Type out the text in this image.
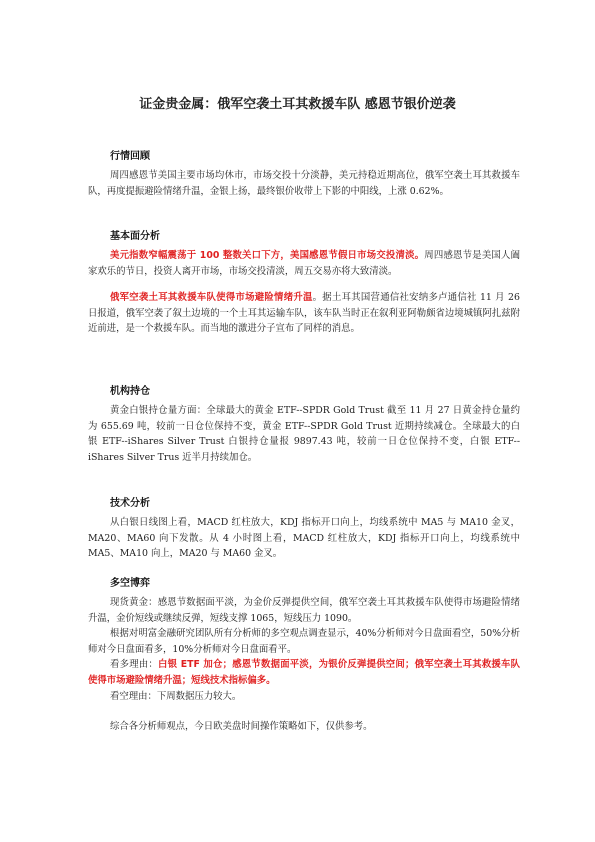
证金贵金属：俄军空袭土耳其救援车队 感恩节银价逆袭
行情回顾

周四感恩节美国主要市场均休市，市场交投十分淡静，美元持稳近期高位，俄军空袭土耳其救援车队，再度提振避险情绪升温，金银上扬，最终银价收带上下影的中阳线，上涨 0.62%。

基本面分析

美元指数窄幅震荡于 100 整数关口下方，美国感恩节假日市场交投清淡。周四感恩节是美国人阖家欢乐的节日，投资人离开市场，市场交投清淡，周五交易亦将大致清淡。

俄军空袭土耳其救援车队使得市场避险情绪升温。据土耳其国营通信社安纳多卢通信社 11 月 26 日报道，俄军空袭了叙土边境的一个土耳其运输车队，该车队当时正在叙利亚阿勒颇省边境城镇阿扎兹附近前进，是一个救援车队。而当地的激进分子宣布了同样的消息。

机构持仓

黄金白银持仓量方面：全球最大的黄金 ETF--SPDR Gold Trust 截至 11 月 27 日黄金持仓量约为 655.69 吨，较前一日仓位保持不变，黄金 ETF--SPDR Gold Trust 近期持续减仓。全球最大的白银 ETF--iShares Silver Trust 白银持仓量报 9897.43 吨，较前一日仓位保持不变，白银 ETF--iShares Silver Trus 近半月持续加仓。

技术分析

从白银日线图上看，MACD 红柱放大，KDJ 指标开口向上，均线系统中 MA5 与 MA10 金叉，MA20、MA60 向下发散。从 4 小时图上看，MACD 红柱放大，KDJ 指标开口向上，均线系统中 MA5、MA10 向上，MA20 与 MA60 金叉。

多空博弈

现货黄金：感恩节数据面平淡，为金价反弹提供空间，俄军空袭土耳其救援车队使得市场避险情绪升温，金价短线或继续反弹，短线支撑 1065，短线压力 1090。

根据对明富金融研究团队所有分析师的多空观点调查显示，40%分析师对今日盘面看空，50%分析师对今日盘面看多，10%分析师对今日盘面看平。

看多理由：白银 ETF 加仓；感恩节数据面平淡，为银价反弹提供空间；俄军空袭土耳其救援车队使得市场避险情绪升温；短线技术指标偏多。

看空理由：下周数据压力较大。

综合各分析师观点，今日欧美盘时间操作策略如下，仅供参考。
